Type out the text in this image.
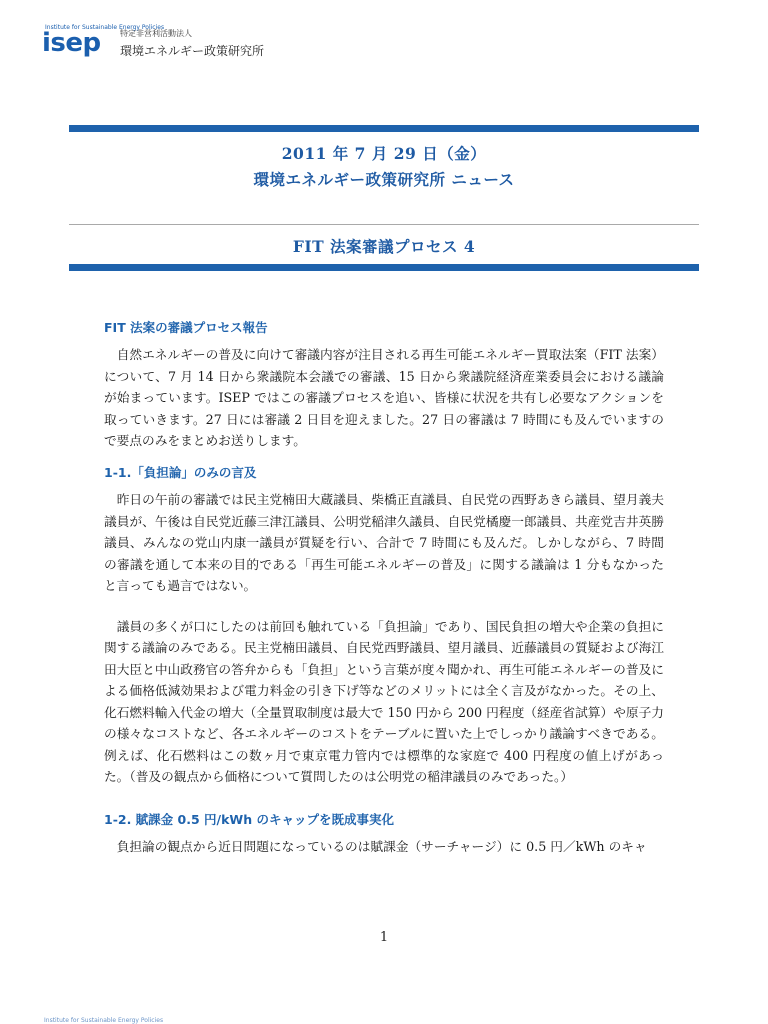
Institute for Sustainable Energy Policies
isep 特定非営利活動法人
環境エネルギー政策研究所
2011 年 7 月 29 日（金）
環境エネルギー政策研究所 ニュース
FIT 法案審議プロセス 4
FIT 法案の審議プロセス報告

自然エネルギーの普及に向けて審議内容が注目される再生可能エネルギー買取法案（FIT 法案）について、7 月 14 日から衆議院本会議での審議、15 日から衆議院経済産業委員会における議論が始まっています。ISEP ではこの審議プロセスを追い、皆様に状況を共有し必要なアクションを取っていきます。27 日には審議 2 日目を迎えました。27 日の審議は 7 時間にも及んでいますので要点のみをまとめお送りします。

1-1.「負担論」のみの言及

昨日の午前の審議では民主党楠田大蔵議員、柴橋正直議員、自民党の西野あきら議員、望月義夫議員が、午後は自民党近藤三津江議員、公明党稲津久議員、自民党橘慶一郎議員、共産党吉井英勝議員、みんなの党山内康一議員が質疑を行い、合計で 7 時間にも及んだ。しかしながら、7 時間の審議を通して本来の目的である「再生可能エネルギーの普及」に関する議論は 1 分もなかったと言っても過言ではない。

議員の多くが口にしたのは前回も触れている「負担論」であり、国民負担の増大や企業の負担に関する議論のみである。民主党楠田議員、自民党西野議員、望月議員、近藤議員の質疑および海江田大臣と中山政務官の答弁からも「負担」という言葉が度々聞かれ、再生可能エネルギーの普及による価格低減効果および電力料金の引き下げ等などのメリットには全く言及がなかった。その上、化石燃料輸入代金の増大（全量買取制度は最大で 150 円から 200 円程度（経産省試算）や原子力の様々なコストなど、各エネルギーのコストをテーブルに置いた上でしっかり議論すべきである。例えば、化石燃料はこの数ヶ月で東京電力管内では標準的な家庭で 400 円程度の値上げがあった。（普及の観点から価格について質問したのは公明党の稲津議員のみであった。）

1-2. 賦課金 0.5 円/kWh のキャップを既成事実化

負担論の観点から近日問題になっているのは賦課金（サーチャージ）に 0.5 円／kWh のキャ

1
Institute for Sustainable Energy Policies
